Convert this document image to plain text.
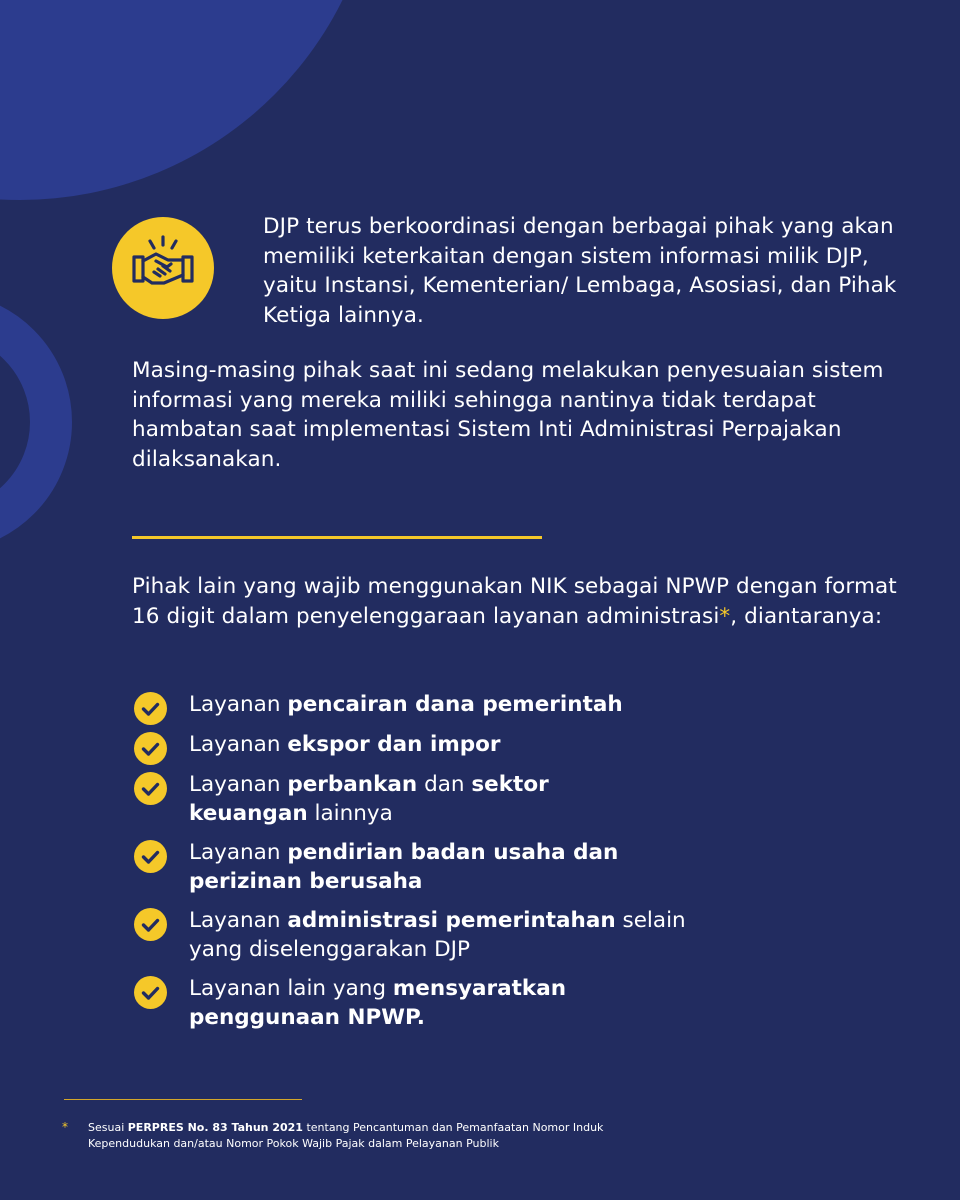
DJP terus berkoordinasi dengan berbagai pihak yang akan memiliki keterkaitan dengan sistem informasi milik DJP, yaitu Instansi, Kementerian/ Lembaga, Asosiasi, dan Pihak Ketiga lainnya.

Masing-masing pihak saat ini sedang melakukan penyesuaian sistem informasi yang mereka miliki sehingga nantinya tidak terdapat hambatan saat implementasi Sistem Inti Administrasi Perpajakan dilaksanakan.

Pihak lain yang wajib menggunakan NIK sebagai NPWP dengan format 16 digit dalam penyelenggaraan layanan administrasi*, diantaranya:

Layanan pencairan dana pemerintah

Layanan ekspor dan impor

Layanan perbankan dan sektor keuangan lainnya

Layanan pendirian badan usaha dan perizinan berusaha

Layanan administrasi pemerintahan selain yang diselenggarakan DJP

Layanan lain yang mensyaratkan penggunaan NPWP.

* Sesuai PERPRES No. 83 Tahun 2021 tentang Pencantuman dan Pemanfaatan Nomor Induk Kependudukan dan/atau Nomor Pokok Wajib Pajak dalam Pelayanan Publik
